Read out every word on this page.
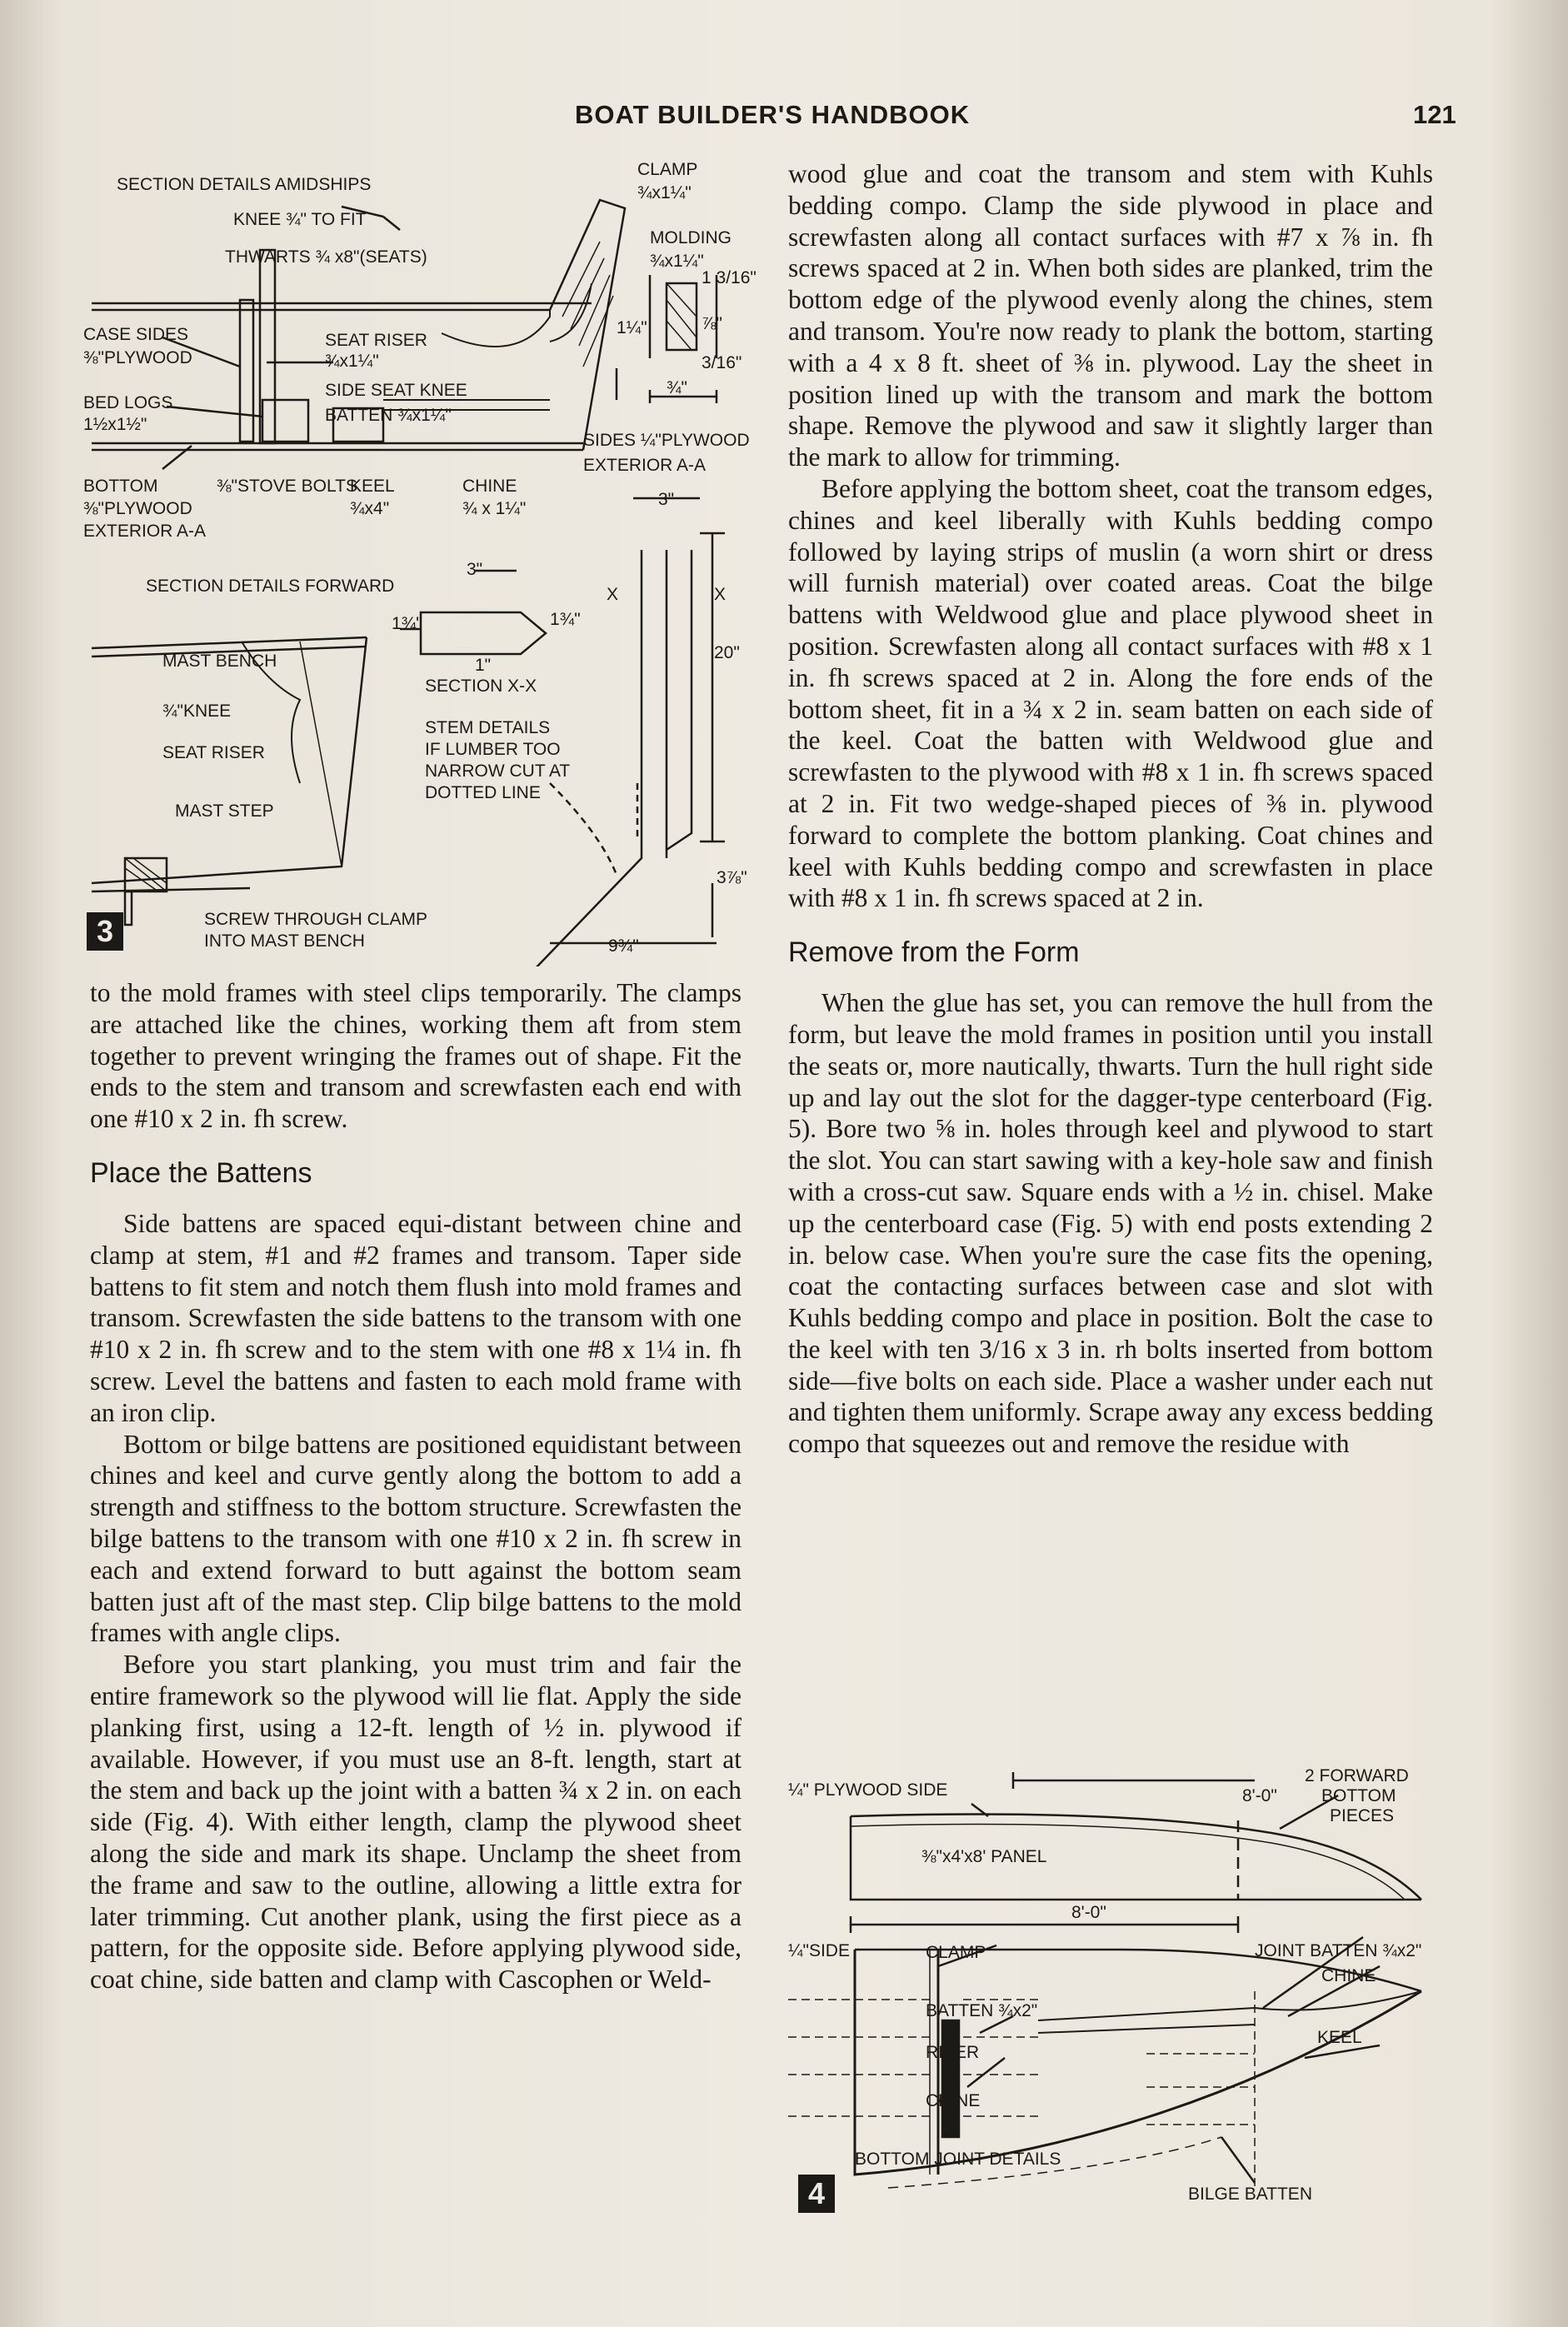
BOAT BUILDER'S HANDBOOK	121
SECTION DETAILS AMIDSHIPS
KNEE ¾" TO FIT
THWARTS ¾ x8"(SEATS)
CLAMP
¾x1¼"
MOLDING
¾x1¼"
CASE SIDES
⅜"PLYWOOD
SEAT RISER
¾x1¼"
SIDE SEAT KNEE
BATTEN ¾x1¼"
BED LOGS
1½x1½"
SIDES ¼"PLYWOOD
EXTERIOR A-A
BOTTOM
⅜"PLYWOOD
EXTERIOR A-A
⅜"STOVE BOLTS
KEEL
¾x4"
CHINE
¾ x 1¼"	3"
1 3/16"
1¼"	⅞"
3/16"
¾"
SECTION DETAILS FORWARD
MAST BENCH
¾"KNEE
SEAT RISER
MAST STEP
SCREW THROUGH CLAMP
INTO MAST BENCH
SECTION X-X
3"
1¾"	1¾"
1"
STEM DETAILS
IF LUMBER TOO
NARROW CUT AT
DOTTED LINE
X	X
20"
3⅞"
9¾"
3

to the mold frames with steel clips temporarily. The clamps are attached like the chines, working them aft from stem together to prevent wringing the frames out of shape. Fit the ends to the stem and transom and screwfasten each end with one #10 x 2 in. fh screw.

Place the Battens

Side battens are spaced equi-distant between chine and clamp at stem, #1 and #2 frames and transom. Taper side battens to fit stem and notch them flush into mold frames and transom. Screwfasten the side battens to the transom with one #10 x 2 in. fh screw and to the stem with one #8 x 1¼ in. fh screw. Level the battens and fasten to each mold frame with an iron clip.

Bottom or bilge battens are positioned equidistant between chines and keel and curve gently along the bottom to add a strength and stiffness to the bottom structure. Screwfasten the bilge battens to the transom with one #10 x 2 in. fh screw in each and extend forward to butt against the bottom seam batten just aft of the mast step. Clip bilge battens to the mold frames with angle clips.

Before you start planking, you must trim and fair the entire framework so the plywood will lie flat. Apply the side planking first, using a 12-ft. length of ½ in. plywood if available. However, if you must use an 8-ft. length, start at the stem and back up the joint with a batten ¾ x 2 in. on each side (Fig. 4). With either length, clamp the plywood sheet along the side and mark its shape. Unclamp the sheet from the frame and saw to the outline, allowing a little extra for later trimming. Cut another plank, using the first piece as a pattern, for the opposite side. Before applying plywood side, coat chine, side batten and clamp with Cascophen or Weld-

wood glue and coat the transom and stem with Kuhls bedding compo. Clamp the side plywood in place and screwfasten along all contact surfaces with #7 x ⅞ in. fh screws spaced at 2 in. When both sides are planked, trim the bottom edge of the plywood evenly along the chines, stem and transom. You're now ready to plank the bottom, starting with a 4 x 8 ft. sheet of ⅜ in. plywood. Lay the sheet in position lined up with the transom and mark the bottom shape. Remove the plywood and saw it slightly larger than the mark to allow for trimming.

Before applying the bottom sheet, coat the transom edges, chines and keel liberally with Kuhls bedding compo followed by laying strips of muslin (a worn shirt or dress will furnish material) over coated areas. Coat the bilge battens with Weldwood glue and place plywood sheet in position. Screwfasten along all contact surfaces with #8 x 1 in. fh screws spaced at 2 in. Along the fore ends of the bottom sheet, fit in a ¾ x 2 in. seam batten on each side of the keel. Coat the batten with Weldwood glue and screwfasten to the plywood with #8 x 1 in. fh screws spaced at 2 in. Fit two wedge-shaped pieces of ⅜ in. plywood forward to complete the bottom planking. Coat chines and keel with Kuhls bedding compo and screwfasten in place with #8 x 1 in. fh screws spaced at 2 in.

Remove from the Form

When the glue has set, you can remove the hull from the form, but leave the mold frames in position until you install the seats or, more nautically, thwarts. Turn the hull right side up and lay out the slot for the dagger-type centerboard (Fig. 5). Bore two ⅝ in. holes through keel and plywood to start the slot. You can start sawing with a key-hole saw and finish with a cross-cut saw. Square ends with a ½ in. chisel. Make up the centerboard case (Fig. 5) with end posts extending 2 in. below case. When you're sure the case fits the opening, coat the contacting surfaces between case and slot with Kuhls bedding compo and place in position. Bolt the case to the keel with ten 3/16 x 3 in. rh bolts inserted from bottom side—five bolts on each side. Place a washer under each nut and tighten them uniformly. Scrape away any excess bedding compo that squeezes out and remove the residue with

¼" PLYWOOD SIDE	8'-0"
2 FORWARD
BOTTOM
PIECES
⅜"x4'x8' PANEL
8'-0"
¼"SIDE	CLAMP	JOINT BATTEN ¾x2"
CHINE
BATTEN ¾x2"
KEEL
RISER
CHINE
BOTTOM JOINT DETAILS
BILGE BATTEN
4
